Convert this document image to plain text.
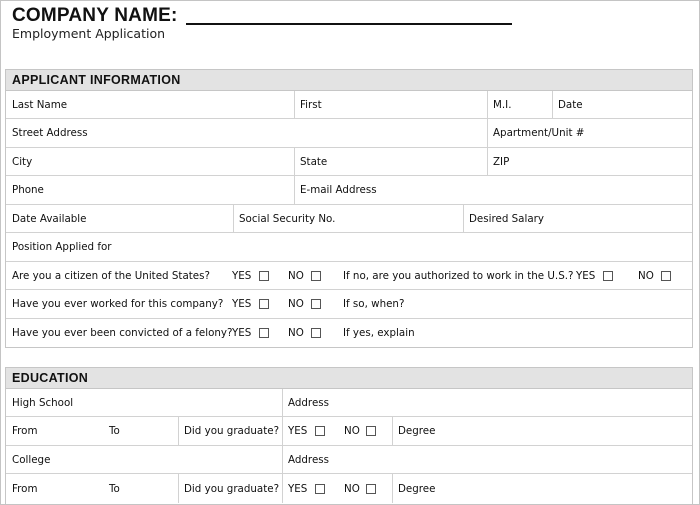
COMPANY NAME:
Employment Application
APPLICANT INFORMATION
Last Name	First	M.I.	Date
Street Address	Apartment/Unit #
City	State	ZIP
Phone	E-mail Address
Date Available	Social Security No.	Desired Salary
Position Applied for
Are you a citizen of the United States? YES	NO	If no, are you authorized to work in the U.S.? YES	NO
Have you ever worked for this company? YES	NO	If so, when?
Have you ever been convicted of a felony? YES	NO	If yes, explain
EDUCATION
High School	Address
From	To	Did you graduate? YES	NO	Degree
College	Address
From	To	Did you graduate? YES	NO	Degree
